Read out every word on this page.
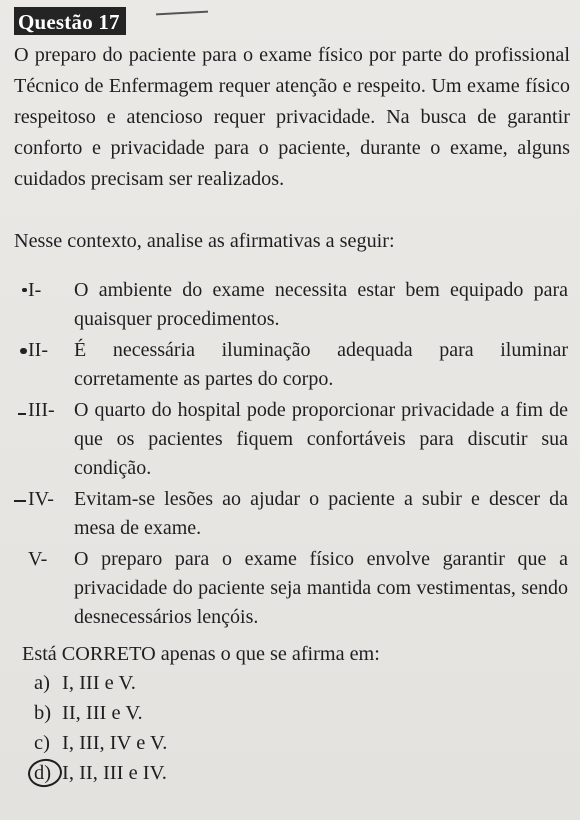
Questão 17

O preparo do paciente para o exame físico por parte do profissional Técnico de Enfermagem requer atenção e respeito. Um exame físico respeitoso e atencioso requer privacidade. Na busca de garantir conforto e privacidade para o paciente, durante o exame, alguns cuidados precisam ser realizados.

Nesse contexto, analise as afirmativas a seguir:
I-	O ambiente do exame necessita estar bem equipado para quaisquer procedimentos.
II-	É necessária iluminação adequada para iluminar corretamente as partes do corpo.
III- O quarto do hospital pode proporcionar privacidade a fim de que os pacientes fiquem confortáveis para discutir sua condição.
IV-	Evitam-se lesões ao ajudar o paciente a subir e descer da mesa de exame.
V-	O preparo para o exame físico envolve garantir que a privacidade do paciente seja mantida com vestimentas, sendo desnecessários lençóis.
Está CORRETO apenas o que se afirma em:
a) I, III e V.
b) II, III e V.
c) I, III, IV e V.
d) I, II, III e IV.
